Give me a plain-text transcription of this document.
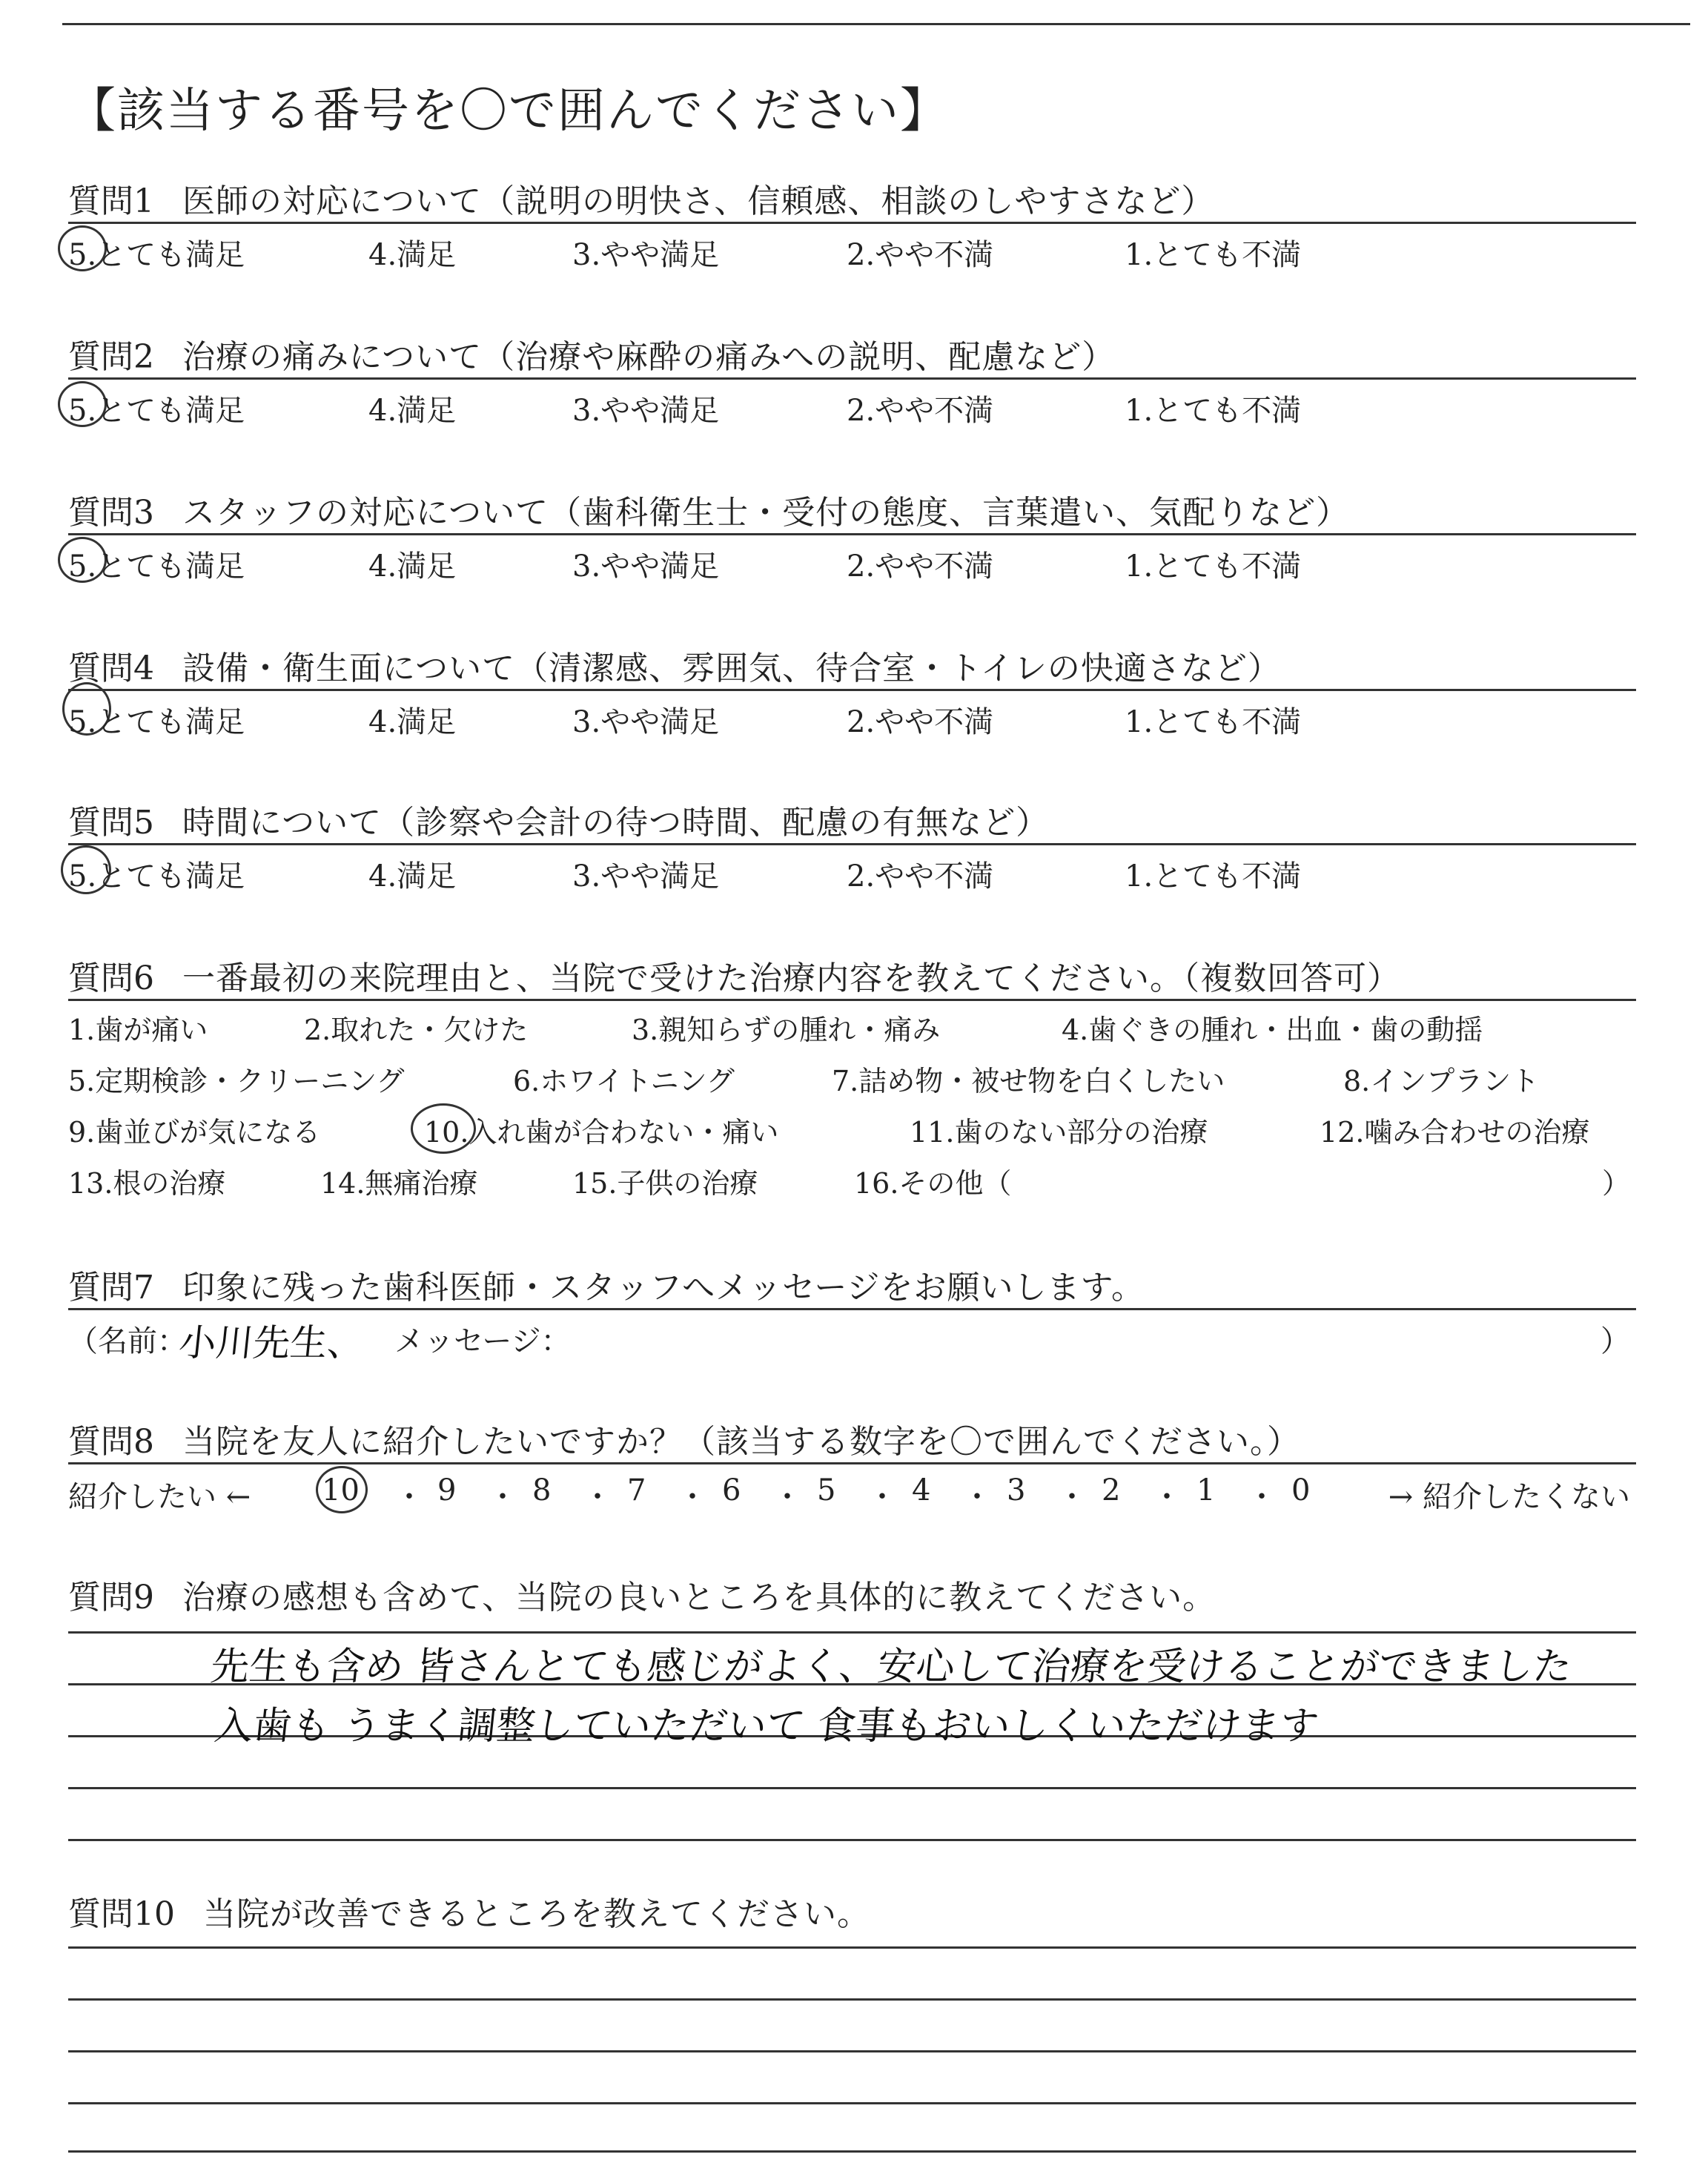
【該当する番号を〇で囲んでください】
質問1 医師の対応について（説明の明快さ、信頼感、相談のしやすさなど）
5.とても満足	4.満足	3.やや満足	2.やや不満	1.とても不満
質問2 治療の痛みについて（治療や麻酔の痛みへの説明、配慮など）
5.とても満足	4.満足	3.やや満足	2.やや不満	1.とても不満
質問3 スタッフの対応について（歯科衛生士・受付の態度、言葉遣い、気配りなど）
5.とても満足	4.満足	3.やや満足	2.やや不満	1.とても不満
質問4 設備・衛生面について（清潔感、雰囲気、待合室・トイレの快適さなど）
5.とても満足	4.満足	3.やや満足	2.やや不満	1.とても不満
質問5 時間について（診察や会計の待つ時間、配慮の有無など）
5.とても満足	4.満足	3.やや満足	2.やや不満	1.とても不満
質問6 一番最初の来院理由と、当院で受けた治療内容を教えてください。（複数回答可）
1.歯が痛い	2.取れた・欠けた	3.親知らずの腫れ・痛み	4.歯ぐきの腫れ・出血・歯の動揺
5.定期検診・クリーニング	6.ホワイトニング	7.詰め物・被せ物を白くしたい	8.インプラント
9.歯並びが気になる	10.入れ歯が合わない・痛い	11.歯のない部分の治療	12.噛み合わせの治療
13.根の治療	14.無痛治療	15.子供の治療	16.その他（	）
質問7 印象に残った歯科医師・スタッフへメッセージをお願いします。
（名前：
小川先生、 メッセージ：	）
質問8 当院を友人に紹介したいですか？（該当する数字を〇で囲んでください。）
紹介したい ← 10 ・ 9 ・ 8 ・ 7 ・ 6 ・ 5 ・ 4 ・ 3 ・ 2 ・ 1 ・ 0	→ 紹介したくない
質問9 治療の感想も含めて、当院の良いところを具体的に教えてください。
先生も含め 皆さんとても感じがよく、安心して治療を受けることができました
入歯も うまく調整していただいて 食事もおいしくいただけます
質問10 当院が改善できるところを教えてください。
